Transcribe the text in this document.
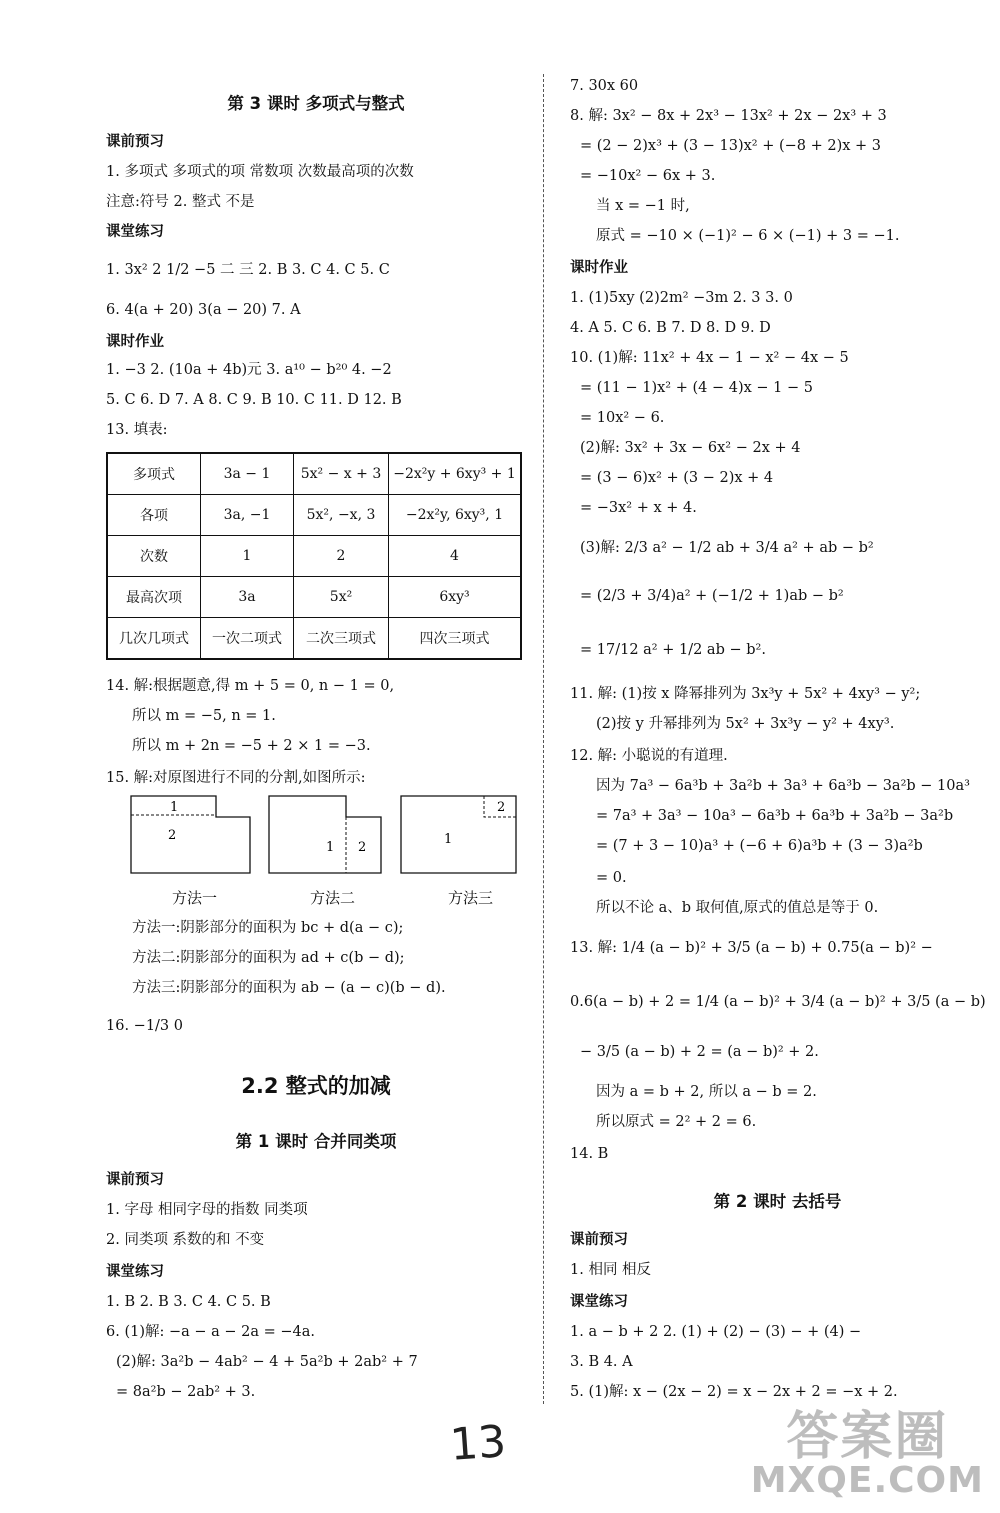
第 3 课时 多项式与整式
课前预习
1. 多项式 多项式的项 常数项 次数最高项的次数
注意:符号 2. 整式 不是
课堂练习
1. 3x² 2 1/2 −5 二 三 2. B 3. C 4. C 5. C
6. 4(a + 20) 3(a − 20) 7. A
课时作业
1. −3 2. (10a + 4b)元 3. a¹⁰ − b²⁰ 4. −2
5. C 6. D 7. A 8. C 9. B 10. C 11. D 12. B
13. 填表:
多项式	3a − 1	5x² − x + 3	−2x²y + 6xy³ + 1
各项	3a, −1	5x², −x, 3	−2x²y, 6xy³, 1
次数	1	2	4
最高次项	3a	5x²	6xy³
几次几项式	一次二项式	二次三项式	四次三项式
14. 解:根据题意,得 m + 5 = 0, n − 1 = 0,
所以 m = −5, n = 1.
所以 m + 2n = −5 + 2 × 1 = −3.
15. 解:对原图进行不同的分割,如图所示:
1
2
1 2
1
2
方法一	方法二	方法三
方法一:阴影部分的面积为 bc + d(a − c);
方法二:阴影部分的面积为 ad + c(b − d);
方法三:阴影部分的面积为 ab − (a − c)(b − d).
16. −1/3 0
2.2 整式的加减
第 1 课时 合并同类项
课前预习
1. 字母 相同字母的指数 同类项
2. 同类项 系数的和 不变
课堂练习
1. B 2. B 3. C 4. C 5. B
6. (1)解: −a − a − 2a = −4a.
(2)解: 3a²b − 4ab² − 4 + 5a²b + 2ab² + 7
= 8a²b − 2ab² + 3.
7. 30x 60
8. 解: 3x² − 8x + 2x³ − 13x² + 2x − 2x³ + 3
= (2 − 2)x³ + (3 − 13)x² + (−8 + 2)x + 3
= −10x² − 6x + 3.
当 x = −1 时,
原式 = −10 × (−1)² − 6 × (−1) + 3 = −1.
课时作业
1. (1)5xy (2)2m² −3m 2. 3 3. 0
4. A 5. C 6. B 7. D 8. D 9. D
10. (1)解: 11x² + 4x − 1 − x² − 4x − 5
= (11 − 1)x² + (4 − 4)x − 1 − 5
= 10x² − 6.
(2)解: 3x² + 3x − 6x² − 2x + 4
= (3 − 6)x² + (3 − 2)x + 4
= −3x² + x + 4.
(3)解: 2/3 a² − 1/2 ab + 3/4 a² + ab − b²
= (2/3 + 3/4)a² + (−1/2 + 1)ab − b²
= 17/12 a² + 1/2 ab − b².
11. 解: (1)按 x 降幂排列为 3x³y + 5x² + 4xy³ − y²;
(2)按 y 升幂排列为 5x² + 3x³y − y² + 4xy³.
12. 解: 小聪说的有道理.
因为 7a³ − 6a³b + 3a²b + 3a³ + 6a³b − 3a²b − 10a³
= 7a³ + 3a³ − 10a³ − 6a³b + 6a³b + 3a²b − 3a²b
= (7 + 3 − 10)a³ + (−6 + 6)a³b + (3 − 3)a²b
= 0.
所以不论 a、b 取何值,原式的值总是等于 0.
13. 解: 1/4 (a − b)² + 3/5 (a − b) + 0.75(a − b)² −
0.6(a − b) + 2 = 1/4 (a − b)² + 3/4 (a − b)² + 3/5 (a − b)
− 3/5 (a − b) + 2 = (a − b)² + 2.
因为 a = b + 2, 所以 a − b = 2.
所以原式 = 2² + 2 = 6.
14. B
第 2 课时 去括号
课前预习
1. 相同 相反
课堂练习
1. a − b + 2 2. (1) + (2) − (3) − + (4) −
3. B 4. A
5. (1)解: x − (2x − 2) = x − 2x + 2 = −x + 2.
13	答案圈
MXQE.COM
